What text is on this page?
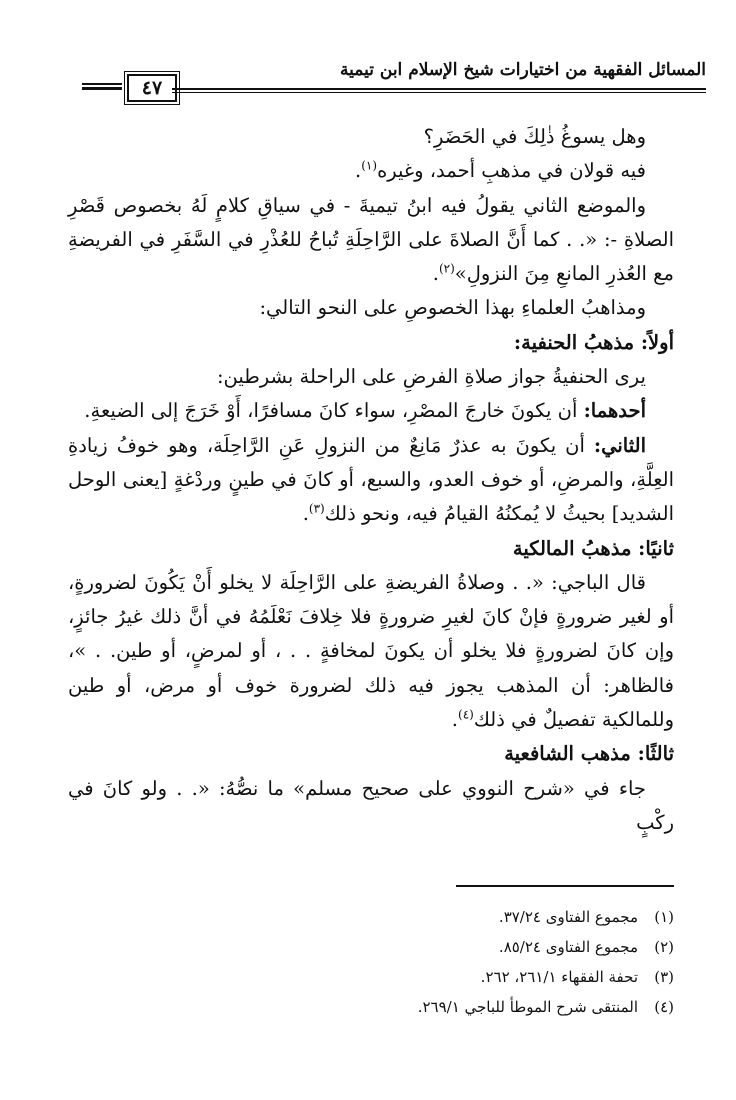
المسائل الفقهية من اختيارات شيخ الإسلام ابن تيمية
٤٧

وهل يسوغُ ذٰلِكَ في الحَضَرِ؟

فيه قولان في مذهبِ أحمد، وغيره$^{(١)}$.

والموضع الثاني يقولُ فيه ابنُ تيميةَ - في سياقِ كلامٍ لَهُ بخصوص قَصْرِ الصلاةِ -: «. . كما أَنَّ الصلاةَ على الرَّاحِلَةِ تُباحُ للعُذْرِ في السَّفَرِ في الفريضةِ مع العُذرِ المانعِ مِنَ النزولِ»$^{(٢)}$.

ومذاهبُ العلماءِ بهذا الخصوصِ على النحو التالي:

أولاً: مذهبُ الحنفية:

يرى الحنفيةُ جواز صلاةِ الفرضِ على الراحلة بشرطين:

أحدهما: أن يكونَ خارجَ المصْرِ، سواء كانَ مسافرًا، أَوْ خَرَجَ إلى الضيعةِ.

الثاني: أن يكونَ به عذرٌ مَانِعٌ من النزولِ عَنِ الرَّاحِلَة، وهو خوفُ زيادةِ العِلَّةِ، والمرضِ، أو خوف العدو، والسبع، أو كانَ في طينٍ وردْغةٍ [يعنى الوحل الشديد] بحيثُ لا يُمكنُهُ القيامُ فيه، ونحو ذلك$^{(٣)}$.

ثانيًا: مذهبُ المالكية

قال الباجي: «. . وصلاةُ الفريضةِ على الرَّاحِلَة لا يخلو أَنْ يَكُونَ لضرورةٍ، أو لغير ضرورةٍ فإنْ كانَ لغيرِ ضرورةٍ فلا خِلافَ نَعْلَمُهُ في أنَّ ذلك غيرُ جائزٍ، وإن كانَ لضرورةٍ فلا يخلو أن يكونَ لمخافةٍ . . ، أو لمرضٍ، أو طين. . »، فالظاهر: أن المذهب يجوز فيه ذلك لضرورة خوف أو مرض، أو طين وللمالكية تفصيلٌ في ذلك$^{(٤)}$.

ثالثًا: مذهب الشافعية

جاء في «شرح النووي على صحيح مسلم» ما نصُّهُ: «. . ولو كانَ في ركْبٍ

(١)
مجموع الفتاوى ٣٧/٢٤.
(٢)
مجموع الفتاوى ٨٥/٢٤.
(٣)
تحفة الفقهاء ٢٦١/١، ٢٦٢.
(٤)
المنتقى شرح الموطأ للباجي ٢٦٩/١.
